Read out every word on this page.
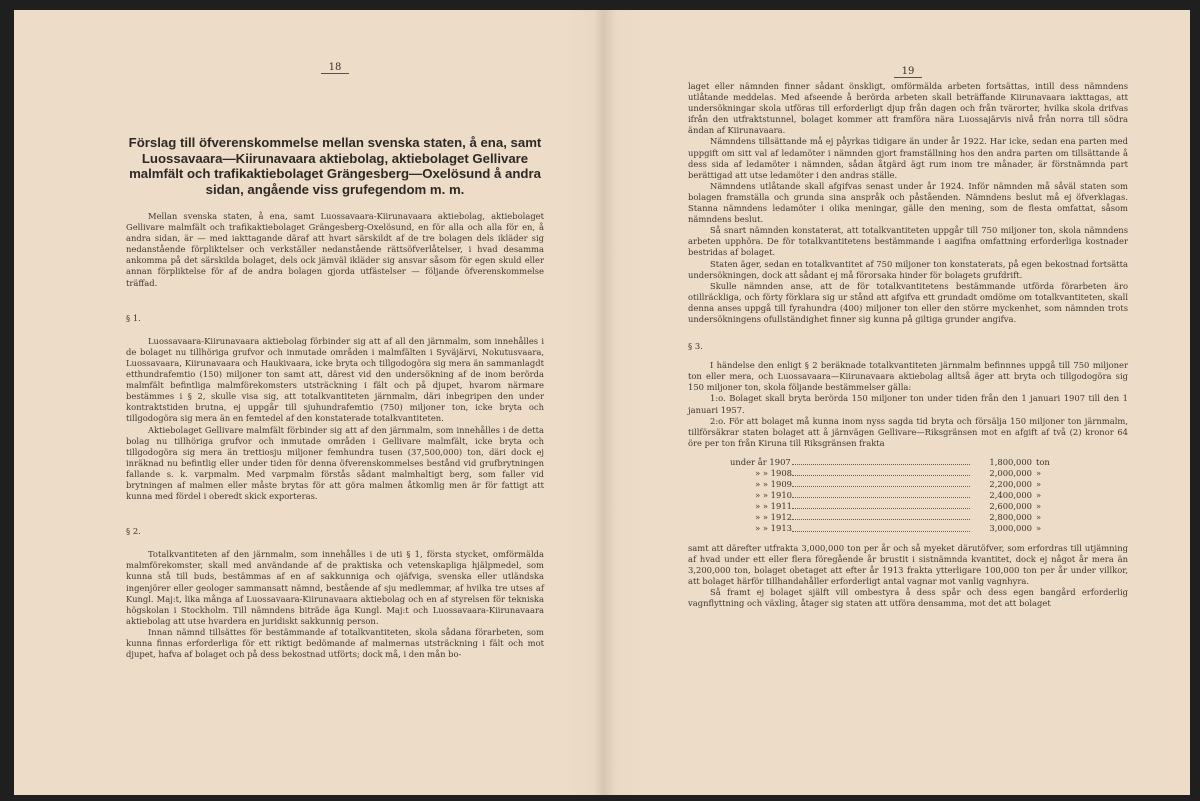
18
Förslag till öfverenskommelse mellan svenska staten, å ena, samt Luossavaara—Kiirunavaara aktiebolag, aktiebolaget Gellivare malmfält och trafikaktiebolaget Grängesberg—Oxelösund å andra sidan, angående viss grufegendom m. m.

Mellan svenska staten, å ena, samt Luossavaara-Kiirunavaara aktiebolag, aktiebolaget Gellivare malmfält och trafikaktiebolaget Grängesberg-Oxelösund, en för alla och alla för en, å andra sidan, är — med iakttagande däraf att hvart särskildt af de tre bolagen dels ikläder sig nedanstående förpliktelser och verkställer nedanstående rättsöfverlåtelser, i hvad desamma ankomma på det särskilda bolaget, dels ock jämväl ikläder sig ansvar såsom för egen skuld eller annan förpliktelse för af de andra bolagen gjorda utfästelser — följande öfverenskommelse träffad.

§ 1.

Luossavaara-Kiirunavaara aktiebolag förbinder sig att af all den järnmalm, som innehålles i de bolaget nu tillhöriga grufvor och inmutade områden i malmfälten i Syväjärvi, Nokutusvaara, Luossavaara, Kiirunavaara och Haukivaara, icke bryta och tillgodogöra sig mera än sammanlagdt etthundrafemtio (150) miljoner ton samt att, därest vid den undersökning af de inom berörda malmfält befintliga malmförekomsters utsträckning i fält och på djupet, hvarom närmare bestämmes i § 2, skulle visa sig, att totalkvantiteten järnmalm, däri inbegripen den under kontraktstiden brutna, ej uppgår till sjuhundrafemtio (750) miljoner ton, icke bryta och tillgodogöra sig mera än en femtedel af den konstaterade totalkvantiteten.

Aktiebolaget Gellivare malmfält förbinder sig att af den järnmalm, som innehålles i de detta bolag nu tillhöriga grufvor och inmutade områden i Gellivare malmfält, icke bryta och tillgodogöra sig mera än trettiosju miljoner femhundra tusen (37,500,000) ton, däri dock ej inräknad nu befintlig eller under tiden för denna öfverenskommelses bestånd vid grufbrytningen fallande s. k. varpmalm. Med varpmalm förstås sådant malmhaltigt berg, som faller vid brytningen af malmen eller måste brytas för att göra malmen åtkomlig men är för fattigt att kunna med fördel i oberedt skick exporteras.

§ 2.

Totalkvantiteten af den järnmalm, som innehålles i de uti § 1, första stycket, omförmälda malmförekomster, skall med användande af de praktiska och vetenskapliga hjälpmedel, som kunna stå till buds, bestämmas af en af sakkunniga och ojäfviga, svenska eller utländska ingenjörer eller geologer sammansatt nämnd, bestående af sju medlemmar, af hvilka tre utses af Kungl. Maj:t, lika många af Luossavaara-Kiirunavaara aktiebolag och en af styrelsen för tekniska högskolan i Stockholm. Till nämndens biträde äga Kungl. Maj:t och Luossavaara-Kiirunavaara aktiebolag att utse hvardera en juridiskt sakkunnig person.

Innan nämnd tillsättes för bestämmande af totalkvantiteten, skola sådana förarbeten, som kunna finnas erforderliga för ett riktigt bedömande af malmernas utsträckning i fält och mot djupet, hafva af bolaget och på dess bekostnad utförts; dock må, i den mån bo-

19

laget eller nämnden finner sådant önskligt, omförmälda arbeten fortsättas, intill dess nämndens utlåtande meddelas. Med afseende å berörda arbeten skall beträffande Kiirunavaara iakttagas, att undersökningar skola utföras till erforderligt djup från dagen och från tvärorter, hvilka skola drifvas ifrån den utfraktstunnel, bolaget kommer att framföra nära Luossajärvis nivå från norra till södra ändan af Kiirunavaara.

Nämndens tillsättande må ej påyrkas tidigare än under år 1922. Har icke, sedan ena parten med uppgift om sitt val af ledamöter i nämnden gjort framställning hos den andra parten om tillsättande å dess sida af ledamöter i nämnden, sådan åtgärd ägt rum inom tre månader, är förstnämnda part berättigad att utse ledamöter i den andras ställe.

Nämndens utlåtande skall afgifvas senast under år 1924. Inför nämnden må såväl staten som bolagen framställa och grunda sina anspråk och påståenden. Nämndens beslut må ej öfverklagas. Stanna nämndens ledamöter i olika meningar, gälle den mening, som de flesta omfattat, såsom nämndens beslut.

Så snart nämnden konstaterat, att totalkvantiteten uppgår till 750 miljoner ton, skola nämndens arbeten upphöra. De för totalkvantitetens bestämmande i aagifna omfattning erforderliga kostnader bestridas af bolaget.

Staten äger, sedan en totalkvantitet af 750 miljoner ton konstaterats, på egen bekostnad fortsätta undersökningen, dock att sådant ej må förorsaka hinder för bolagets grufdrift.

Skulle nämnden anse, att de för totalkvantitetens bestämmande utförda förarbeten äro otillräckliga, och förty förklara sig ur stånd att afgifva ett grundadt omdöme om totalkvantiteten, skall denna anses uppgå till fyrahundra (400) miljoner ton eller den större myckenhet, som nämnden trots undersökningens ofullständighet finner sig kunna på giltiga grunder angifva.

§ 3.

I händelse den enligt § 2 beräknade totalkvantiteten järnmalm befinnnes uppgå till 750 miljoner ton eller mera, och Luossavaara—Kiirunavaara aktiebolag alltså äger att bryta och tillgodogöra sig 150 miljoner ton, skola följande bestämmelser gälla:

1:o. Bolaget skall bryta berörda 150 miljoner ton under tiden från den 1 januari 1907 till den 1 januari 1957.

2:o. För att bolaget må kunna inom nyss sagda tid bryta och försälja 150 miljoner ton järnmalm, tillförsäkrar staten bolaget att å järnvägen Gellivare—Riksgränsen mot en afgift af två (2) kronor 64 öre per ton från Kiruna till Riksgränsen frakta

under år 1907	1,800,000 ton
» » 1908	2,000,000 »
» » 1909	2,200,000 »
» » 1910	2,400,000 »
» » 1911	2,600,000 »
» » 1912	2,800,000 »
» » 1913	3,000,000 »

samt att därefter utfrakta 3,000,000 ton per år och så myeket därutöfver, som erfordras till utjämning af hvad under ett eller flera föregående år brustit i sistnämnda kvantitet, dock ej något år mera än 3,200,000 ton, bolaget obetaget att efter år 1913 frakta ytterligare 100,000 ton per år under villkor, att bolaget härför tillhandahåller erforderligt antal vagnar mot vanlig vagnhyra.

Så framt ej bolaget själft vill ombestyra å dess spår och dess egen bangård erforderlig vagnflyttning och växling, åtager sig staten att utföra densamma, mot det att bolaget
